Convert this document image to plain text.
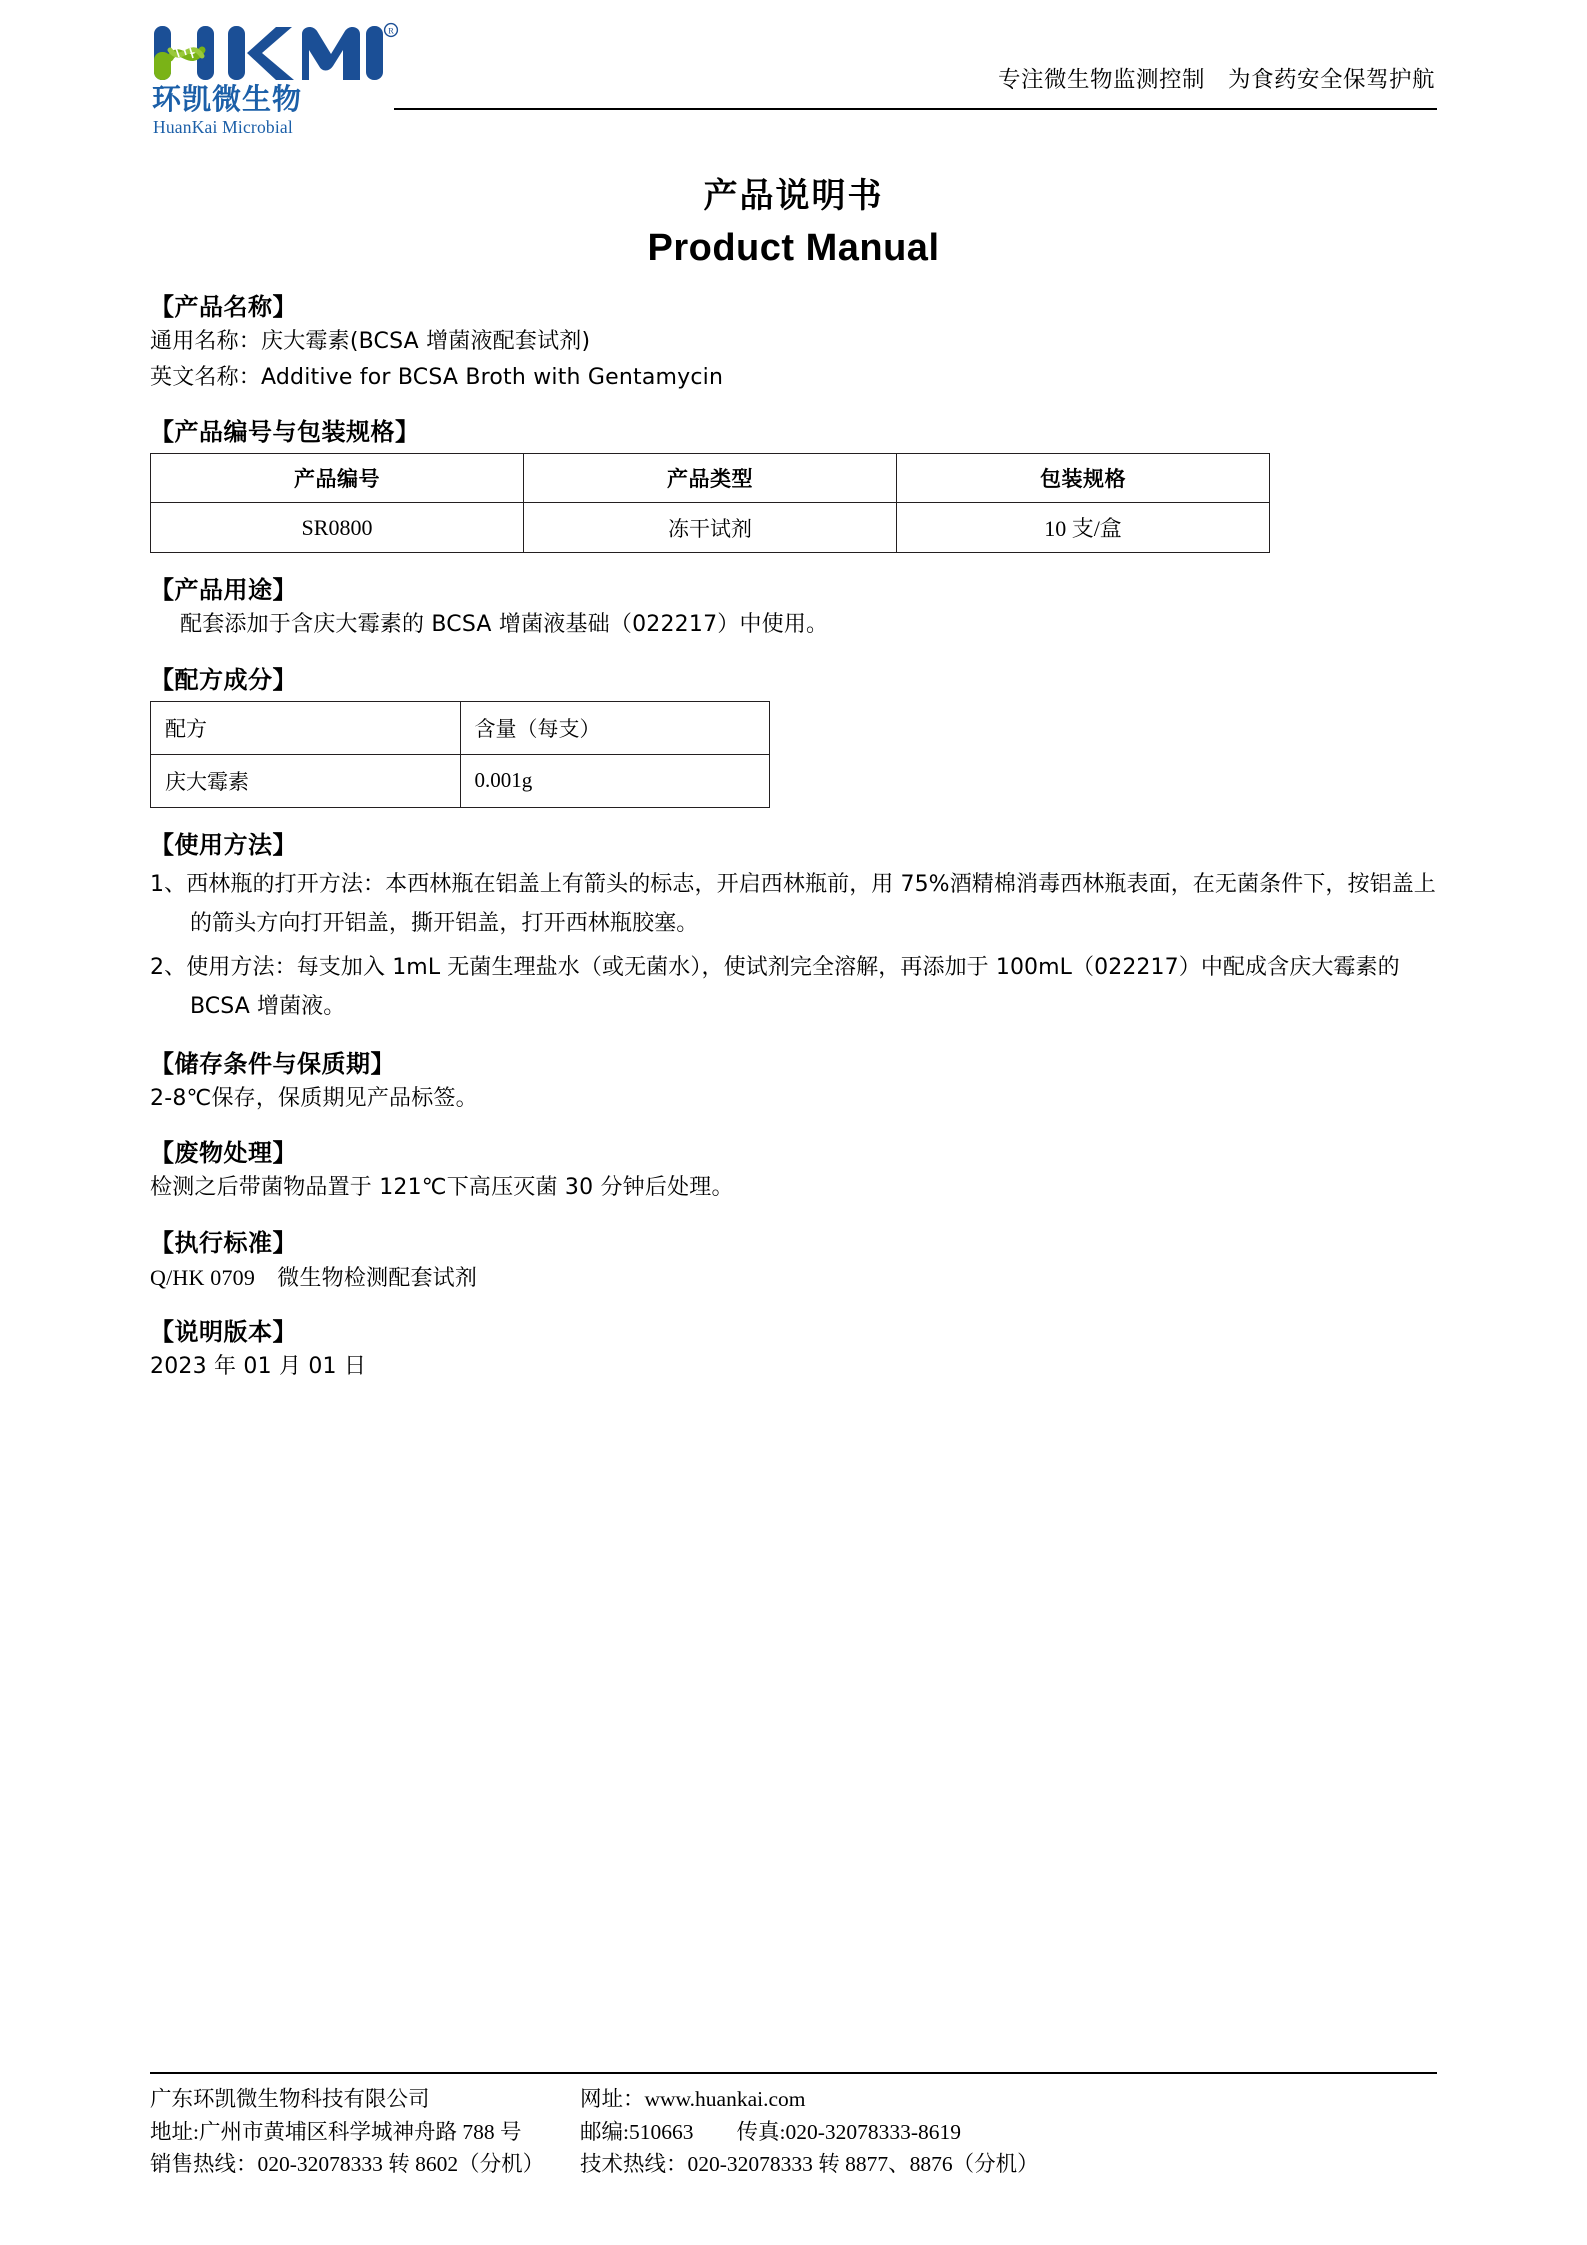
R
环凯微生物
HuanKai Microbial
专注微生物监测控制　为食药安全保驾护航
产品说明书
Product Manual
【产品名称】
通用名称：庆大霉素(BCSA 增菌液配套试剂)
英文名称：Additive for BCSA Broth with Gentamycin
【产品编号与包装规格】
产品编号	产品类型	包装规格
SR0800	冻干试剂	10 支/盒
【产品用途】
配套添加于含庆大霉素的 BCSA 增菌液基础（022217）中使用。
【配方成分】
配方	含量（每支）
庆大霉素	0.001g
【使用方法】
1、西林瓶的打开方法：本西林瓶在铝盖上有箭头的标志，开启西林瓶前，用 75%酒精棉消毒西林瓶表面，在无菌条件下，按铝盖上的箭头方向打开铝盖，撕开铝盖，打开西林瓶胶塞。
2、使用方法：每支加入 1mL 无菌生理盐水（或无菌水），使试剂完全溶解，再添加于 100mL（022217）中配成含庆大霉素的 BCSA 增菌液。
【储存条件与保质期】
2-8℃保存，保质期见产品标签。
【废物处理】
检测之后带菌物品置于 121℃下高压灭菌 30 分钟后处理。
【执行标准】
Q/HK 0709　微生物检测配套试剂
【说明版本】
2023 年 01 月 01 日
广东环凯微生物科技有限公司
地址:广州市黄埔区科学城神舟路 788 号
销售热线：020-32078333 转 8602（分机）
网址：www.huankai.com
邮编:510663　　传真:020-32078333-8619
技术热线：020-32078333 转 8877、8876（分机）
